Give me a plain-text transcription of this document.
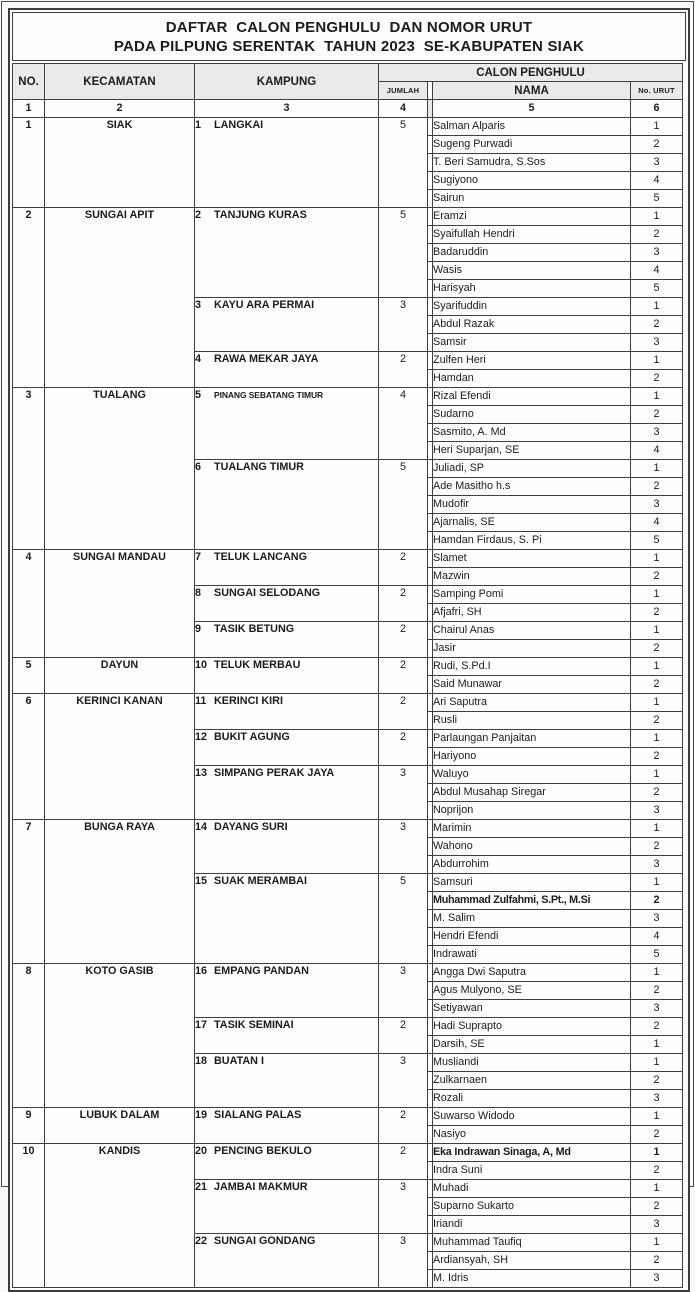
DAFTAR  CALON PENGHULU  DAN NOMOR URUT
PADA PILPUNG SERENTAK  TAHUN 2023  SE-KABUPATEN SIAK
NO.	KECAMATAN	KAMPUNG	CALON PENGHULU			
			JUMLAH		NAMA	No. URUT
1	2	3	4		5	6
1	SIAK	1 LANGKAI	5		Salman Alparis	1
					Sugeng Purwadi	2
					T. Beri Samudra, S.Sos	3
					Sugiyono	4
					Sairun	5
2	SUNGAI APIT	2 TANJUNG KURAS	5		Eramzi	1
					Syaifullah Hendri	2
					Badaruddin	3
					Wasis	4
					Harisyah	5
		3 KAYU ARA PERMAI	3		Syarifuddin	1
					Abdul Razak	2
					Samsir	3
		4 RAWA MEKAR JAYA	2		Zulfen Heri	1
					Hamdan	2
3	TUALANG	5 PINANG SEBATANG TIMUR	4		Rizal Efendi	1
					Sudarno	2
					Sasmito, A. Md	3
					Heri Suparjan, SE	4
		6 TUALANG TIMUR	5		Juliadi, SP	1
					Ade Masitho h.s	2
					Mudofir	3
					Ajarnalis, SE	4
					Hamdan Firdaus, S. Pi	5
4	SUNGAI MANDAU	7 TELUK LANCANG	2		Slamet	1
					Mazwin	2
		8 SUNGAI SELODANG	2		Samping Pomi	1
					Afjafri, SH	2
		9 TASIK BETUNG	2		Chairul Anas	1
					Jasir	2
5	DAYUN	10 TELUK MERBAU	2		Rudi, S.Pd.I	1
					Said Munawar	2
6	KERINCI KANAN	11 KERINCI KIRI	2		Ari Saputra	1
					Rusli	2
		12 BUKIT AGUNG	2		Parlaungan Panjaitan	1
					Hariyono	2
		13 SIMPANG PERAK JAYA	3		Waluyo	1
					Abdul Musahap Siregar	2
					Noprijon	3
7	BUNGA RAYA	14 DAYANG SURI	3		Marimin	1
					Wahono	2
					Abdurrohim	3
		15 SUAK MERAMBAI	5		Samsuri	1
					Muhammad Zulfahmi, S.Pt., M.Si	2
					M. Salim	3
					Hendri Efendi	4
					Indrawati	5
8	KOTO GASIB	16 EMPANG PANDAN	3		Angga Dwi Saputra	1
					Agus Mulyono, SE	2
					Setiyawan	3
		17 TASIK SEMINAI	2		Hadi Suprapto	2
					Darsih, SE	1
		18 BUATAN I	3		Musliandi	1
					Zulkarnaen	2
					Rozali	3
9	LUBUK DALAM	19 SIALANG PALAS	2		Suwarso Widodo	1
					Nasiyo	2
10	KANDIS	20 PENCING BEKULO	2		Eka Indrawan Sinaga, A, Md	1
					Indra Suni	2
		21 JAMBAI MAKMUR	3		Muhadi	1
					Suparno Sukarto	2
					Iriandi	3
		22 SUNGAI GONDANG	3		Muhammad Taufiq	1
					Ardiansyah, SH	2
					M. Idris	3
